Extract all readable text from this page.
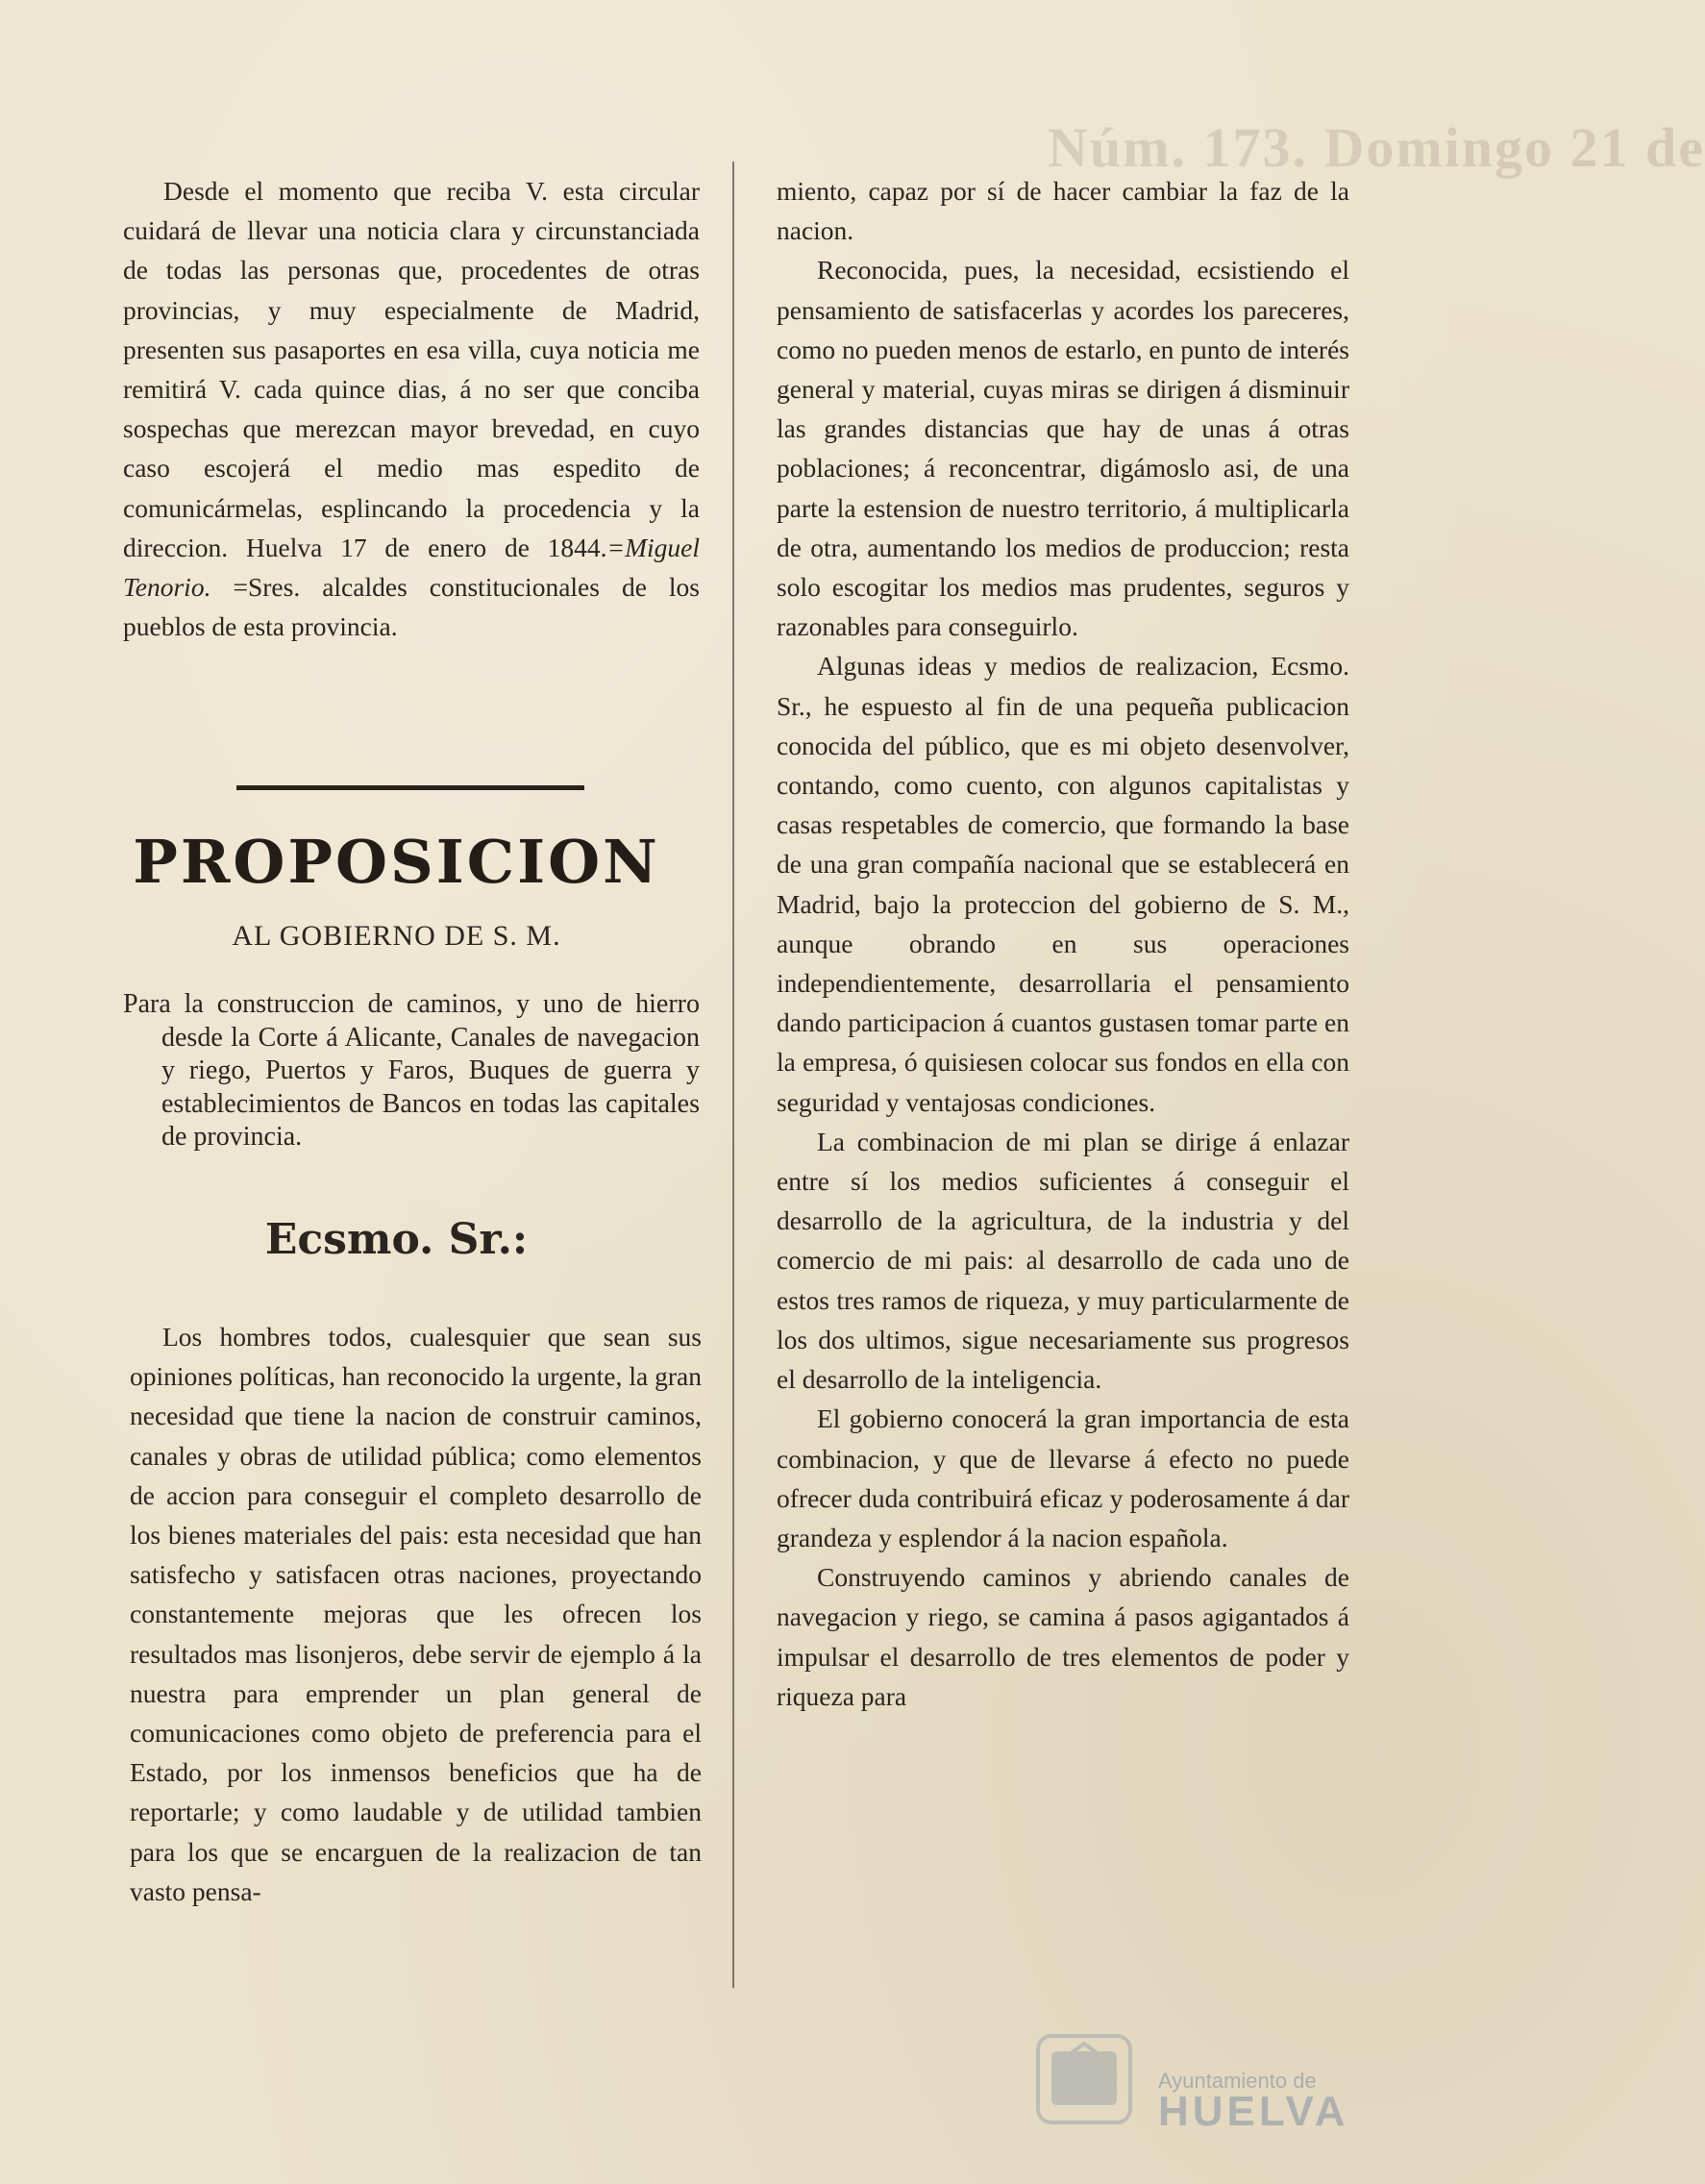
Núm. 173. Domingo 21 de

Desde el momento que reciba V. esta circular cuidará de llevar una noticia clara y circunstanciada de todas las personas que, procedentes de otras provincias, y muy especialmente de Madrid, presenten sus pasaportes en esa villa, cuya noticia me remitirá V. cada quince dias, á no ser que conciba sospechas que merezcan mayor brevedad, en cuyo caso escojerá el medio mas espedito de comunicármelas, esplincando la procedencia y la direccion. Huelva 17 de enero de 1844.=Miguel Tenorio. =Sres. alcaldes constitucionales de los pueblos de esta provincia.

PROPOSICION
AL GOBIERNO DE S. M.
Para la construccion de caminos, y uno de hierro desde la Corte á Alicante, Canales de navegacion y riego, Puertos y Faros, Buques de guerra y establecimientos de Bancos en todas las capitales de provincia.
Ecsmo. Sr.:

Los hombres todos, cualesquier que sean sus opiniones políticas, han reconocido la urgente, la gran necesidad que tiene la nacion de construir caminos, canales y obras de utilidad pública; como elementos de accion para conseguir el completo desarrollo de los bienes materiales del pais: esta necesidad que han satisfecho y satisfacen otras naciones, proyectando constantemente mejoras que les ofrecen los resultados mas lisonjeros, debe servir de ejemplo á la nuestra para emprender un plan general de comunicaciones como objeto de preferencia para el Estado, por los inmensos beneficios que ha de reportarle; y como laudable y de utilidad tambien para los que se encarguen de la realizacion de tan vasto pensa-

miento, capaz por sí de hacer cambiar la faz de la nacion.

Reconocida, pues, la necesidad, ecsistiendo el pensamiento de satisfacerlas y acordes los pareceres, como no pueden menos de estarlo, en punto de interés general y material, cuyas miras se dirigen á disminuir las grandes distancias que hay de unas á otras poblaciones; á reconcentrar, digámoslo asi, de una parte la estension de nuestro territorio, á multiplicarla de otra, aumentando los medios de produccion; resta solo escogitar los medios mas prudentes, seguros y razonables para conseguirlo.

Algunas ideas y medios de realizacion, Ecsmo. Sr., he espuesto al fin de una pequeña publicacion conocida del público, que es mi objeto desenvolver, contando, como cuento, con algunos capitalistas y casas respetables de comercio, que formando la base de una gran compañía nacional que se establecerá en Madrid, bajo la proteccion del gobierno de S. M., aunque obrando en sus operaciones independientemente, desarrollaria el pensamiento dando participacion á cuantos gustasen tomar parte en la empresa, ó quisiesen colocar sus fondos en ella con seguridad y ventajosas condiciones.

La combinacion de mi plan se dirige á enlazar entre sí los medios suficientes á conseguir el desarrollo de la agricultura, de la industria y del comercio de mi pais: al desarrollo de cada uno de estos tres ramos de riqueza, y muy particularmente de los dos ultimos, sigue necesariamente sus progresos el desarrollo de la inteligencia.

El gobierno conocerá la gran importancia de esta combinacion, y que de llevarse á efecto no puede ofrecer duda contribuirá eficaz y poderosamente á dar grandeza y esplendor á la nacion española.

Construyendo caminos y abriendo canales de navegacion y riego, se camina á pasos agigantados á impulsar el desarrollo de tres elementos de poder y riqueza para

Ayuntamiento de
HUELVA
